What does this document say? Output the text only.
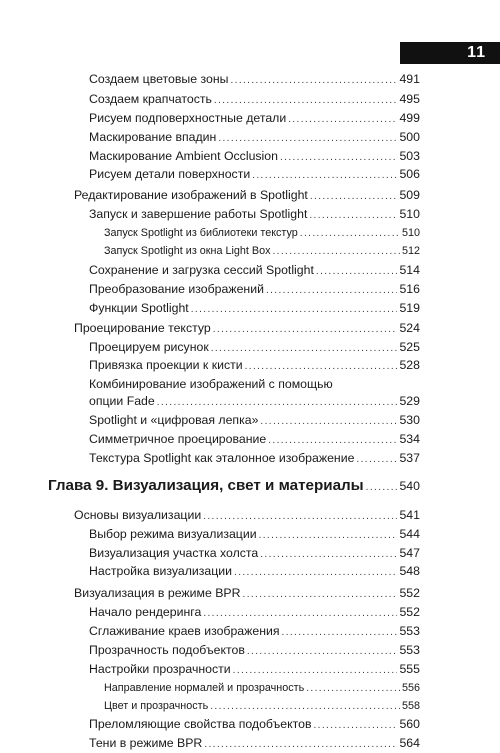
11
Создаем цветовые зоны .....	491
Создаем крапчатость .....	495
Рисуем подповерхностные детали .....	499
Маскирование впадин .....	500
Маскирование Ambient Occlusion .....	503
Рисуем детали поверхности .....	506
Редактирование изображений в Spotlight .....	509
Запуск и завершение работы Spotlight .....	510
Запуск Spotlight из библиотеки текстур .....	510
Запуск Spotlight из окна Light Box .....	512
Сохранение и загрузка сессий Spotlight .....	514
Преобразование изображений .....	516
Функции Spotlight .....	519
Проецирование текстур .....	524
Проецируем рисунок .....	525
Привязка проекции к кисти .....	528
Комбинирование изображений с помощью
опции Fade .....	529
Spotlight и «цифровая лепка» .....	530
Симметричное проецирование .....	534
Текстура Spotlight как эталонное изображение .....	537
Глава 9. Визуализация, свет и материалы .....	540
Основы визуализации .....	541
Выбор режима визуализации .....	544
Визуализация участка холста .....	547
Настройка визуализации .....	548
Визуализация в режиме BPR .....	552
Начало рендеринга .....	552
Сглаживание краев изображения .....	553
Прозрачность подобъектов .....	553
Настройки прозрачности .....	555
Направление нормалей и прозрачность .....	556
Цвет и прозрачность .....	558
Преломляющие свойства подобъектов .....	560
Тени в режиме BPR .....	564
